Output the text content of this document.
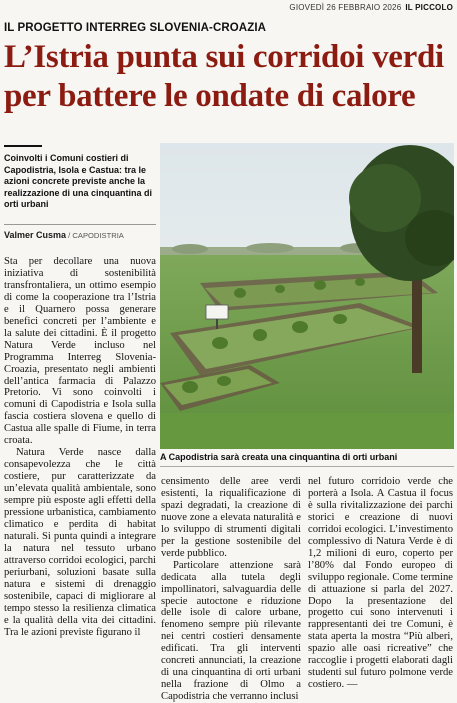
GIOVEDÌ 26 FEBBRAIO 2026 IL PICCOLO
IL PROGETTO INTERREG SLOVENIA-CROAZIA
L’Istria punta sui corridoi verdi
per battere le ondate di calore
Coinvolti i Comuni costieri di Capodistria, Isola e Castua: tra le azioni concrete previste anche la realizzazione di una cinquantina di orti urbani
Valmer Cusma / CAPODISTRIA

Sta per decollare una nuova iniziativa di sostenibilità transfrontaliera, un ottimo esempio di come la cooperazione tra l’Istria e il Quarnero possa generare benefici concreti per l’ambiente e la salute dei cittadini. È il progetto Natura Verde incluso nel Programma Interreg Slovenia-Croazia, presentato negli ambienti dell’antica farmacia di Palazzo Pretorio. Vi sono coinvolti i comuni di Capodistria e Isola sulla fascia costiera slovena e quello di Castua alle spalle di Fiume, in terra croata.

Natura Verde nasce dalla consapevolezza che le città costiere, pur caratterizzate da un’elevata qualità ambientale, sono sempre più esposte agli effetti della pressione urbanistica, cambiamento climatico e perdita di habitat naturali. Si punta quindi a integrare la natura nel tessuto urbano attraverso corridoi ecologici, parchi periurbani, soluzioni basate sulla natura e sistemi di drenaggio sostenibile, capaci di migliorare al tempo stesso la resilienza climatica e la qualità della vita dei cittadini. Tra le azioni previste figurano il

A Capodistria sarà creata una cinquantina di orti urbani

censimento delle aree verdi esistenti, la riqualificazione di spazi degradati, la creazione di nuove zone a elevata naturalità e lo sviluppo di strumenti digitali per la gestione sostenibile del verde pubblico.

Particolare attenzione sarà dedicata alla tutela degli impollinatori, salvaguardia delle specie autoctone e riduzione delle isole di calore urbane, fenomeno sempre più rilevante nei centri costieri densamente edificati. Tra gli interventi concreti annunciati, la creazione di una cinquantina di orti urbani nella frazione di Olmo a Capodistria che verranno inclusi

nel futuro corridoio verde che porterà a Isola. A Castua il focus è sulla rivitalizzazione dei parchi storici e creazione di nuovi corridoi ecologici. L’investimento complessivo di Natura Verde è di 1,2 milioni di euro, coperto per l’80% dal Fondo europeo di sviluppo regionale. Come termine di attuazione si parla del 2027. Dopo la presentazione del progetto cui sono intervenuti i rappresentanti dei tre Comuni, è stata aperta la mostra “Più alberi, spazio alle oasi ricreative” che raccoglie i progetti elaborati dagli studenti sul futuro polmone verde costiero. —
